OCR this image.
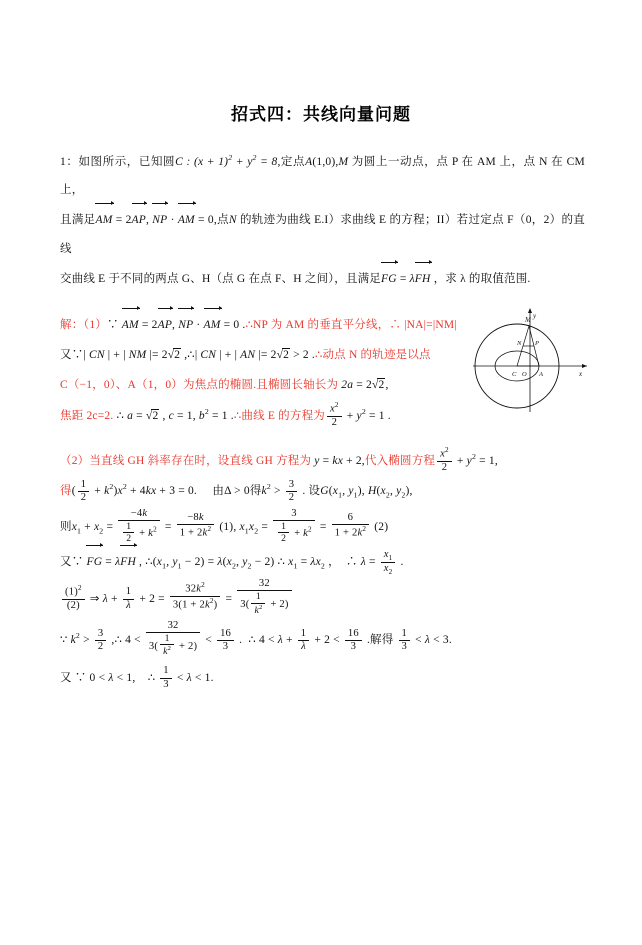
招式四：共线向量问题
1：如图所示，已知圆C : $(x + 1)^2 + y^2 = 8$,定点A(1,0),M 为圆上一动点，点 P 在 AM 上，点 N 在 CM 上，
且满足AM = 2AP, NP · AM = 0,点N 的轨迹为曲线 E.I）求曲线 E 的方程；II）若过定点 F（0，2）的直线
交曲线 E 于不同的两点 G、H（点 G 在点 F、H 之间），且满足FG = λFH ，求 λ 的取值范围.
解：（1）∵ AM = 2AP, NP · AM = 0 .∴NP 为 AM 的垂直平分线，∴ |NA|=|NM|
又∵| CN | + | NM |= 2√2 ,∴| CN | + | AN |= 2√2 > 2 .∴动点 N 的轨迹是以点
C（−1，0）、A（1，0）为焦点的椭圆.且椭圆长轴长为 2a = 2√2,
焦距 2c=2. ∴ a = √2 , c = 1, $b^2 = 1$ .∴曲线 E 的方程为 $\frac{x^2}{2} + y^2 = 1$ .
（2）当直线 GH 斜率存在时，设直线 GH 方程为 y = kx + 2,代入椭圆方程 $\frac{x^2}{2} + y^2 = 1$,
得( $\frac{1}{2} + k^2)x^2 + 4kx + 3 = 0$.     由Δ > 0得$k^2 > \frac{3}{2}$ . 设$G(x_1$, $y_1$), $H(x_2$, $y_2$),
则$x_1 + x_2 = \frac{-4k}{\frac{1}{2} + k^2} = \frac{-8k}{1 + 2k^2} (1)$, $x_1x_2 = \frac{3}{\frac{1}{2} + k^2} = \frac{6}{1 + 2k^2} (2)$
又∵ FG = λFH , $\therefore(x_1$, $y_1 - 2) = \lambda(x_2$, $y_2 - 2$) ∴ $x_1 = \lambda x_2$ ，  ∴ $\lambda = \frac{x_1}{x_2}$ .
$\frac{(1)^2}{(2)}$ ⇒ $\lambda + \frac{1}{\lambda} + 2 = \frac{32k^2}{3(1 + 2k^2)} = \frac{32}{3( \frac{1}{k^2} + 2)}$
∵ $k^2 > \frac{3}{2}$ ,∴ $4 < \frac{32}{3( \frac{1}{k^2} + 2)} < \frac{16}{3}$ .  ∴ $4 < \lambda + \frac{1}{\lambda} + 2 < \frac{16}{3}$ .解得 $\frac{1}{3} < \lambda < 3$.
又 ∵ 0 < λ < 1,    ∴ $\frac{1}{3} < \lambda < 1$.
M y
P
N
C O A	x
